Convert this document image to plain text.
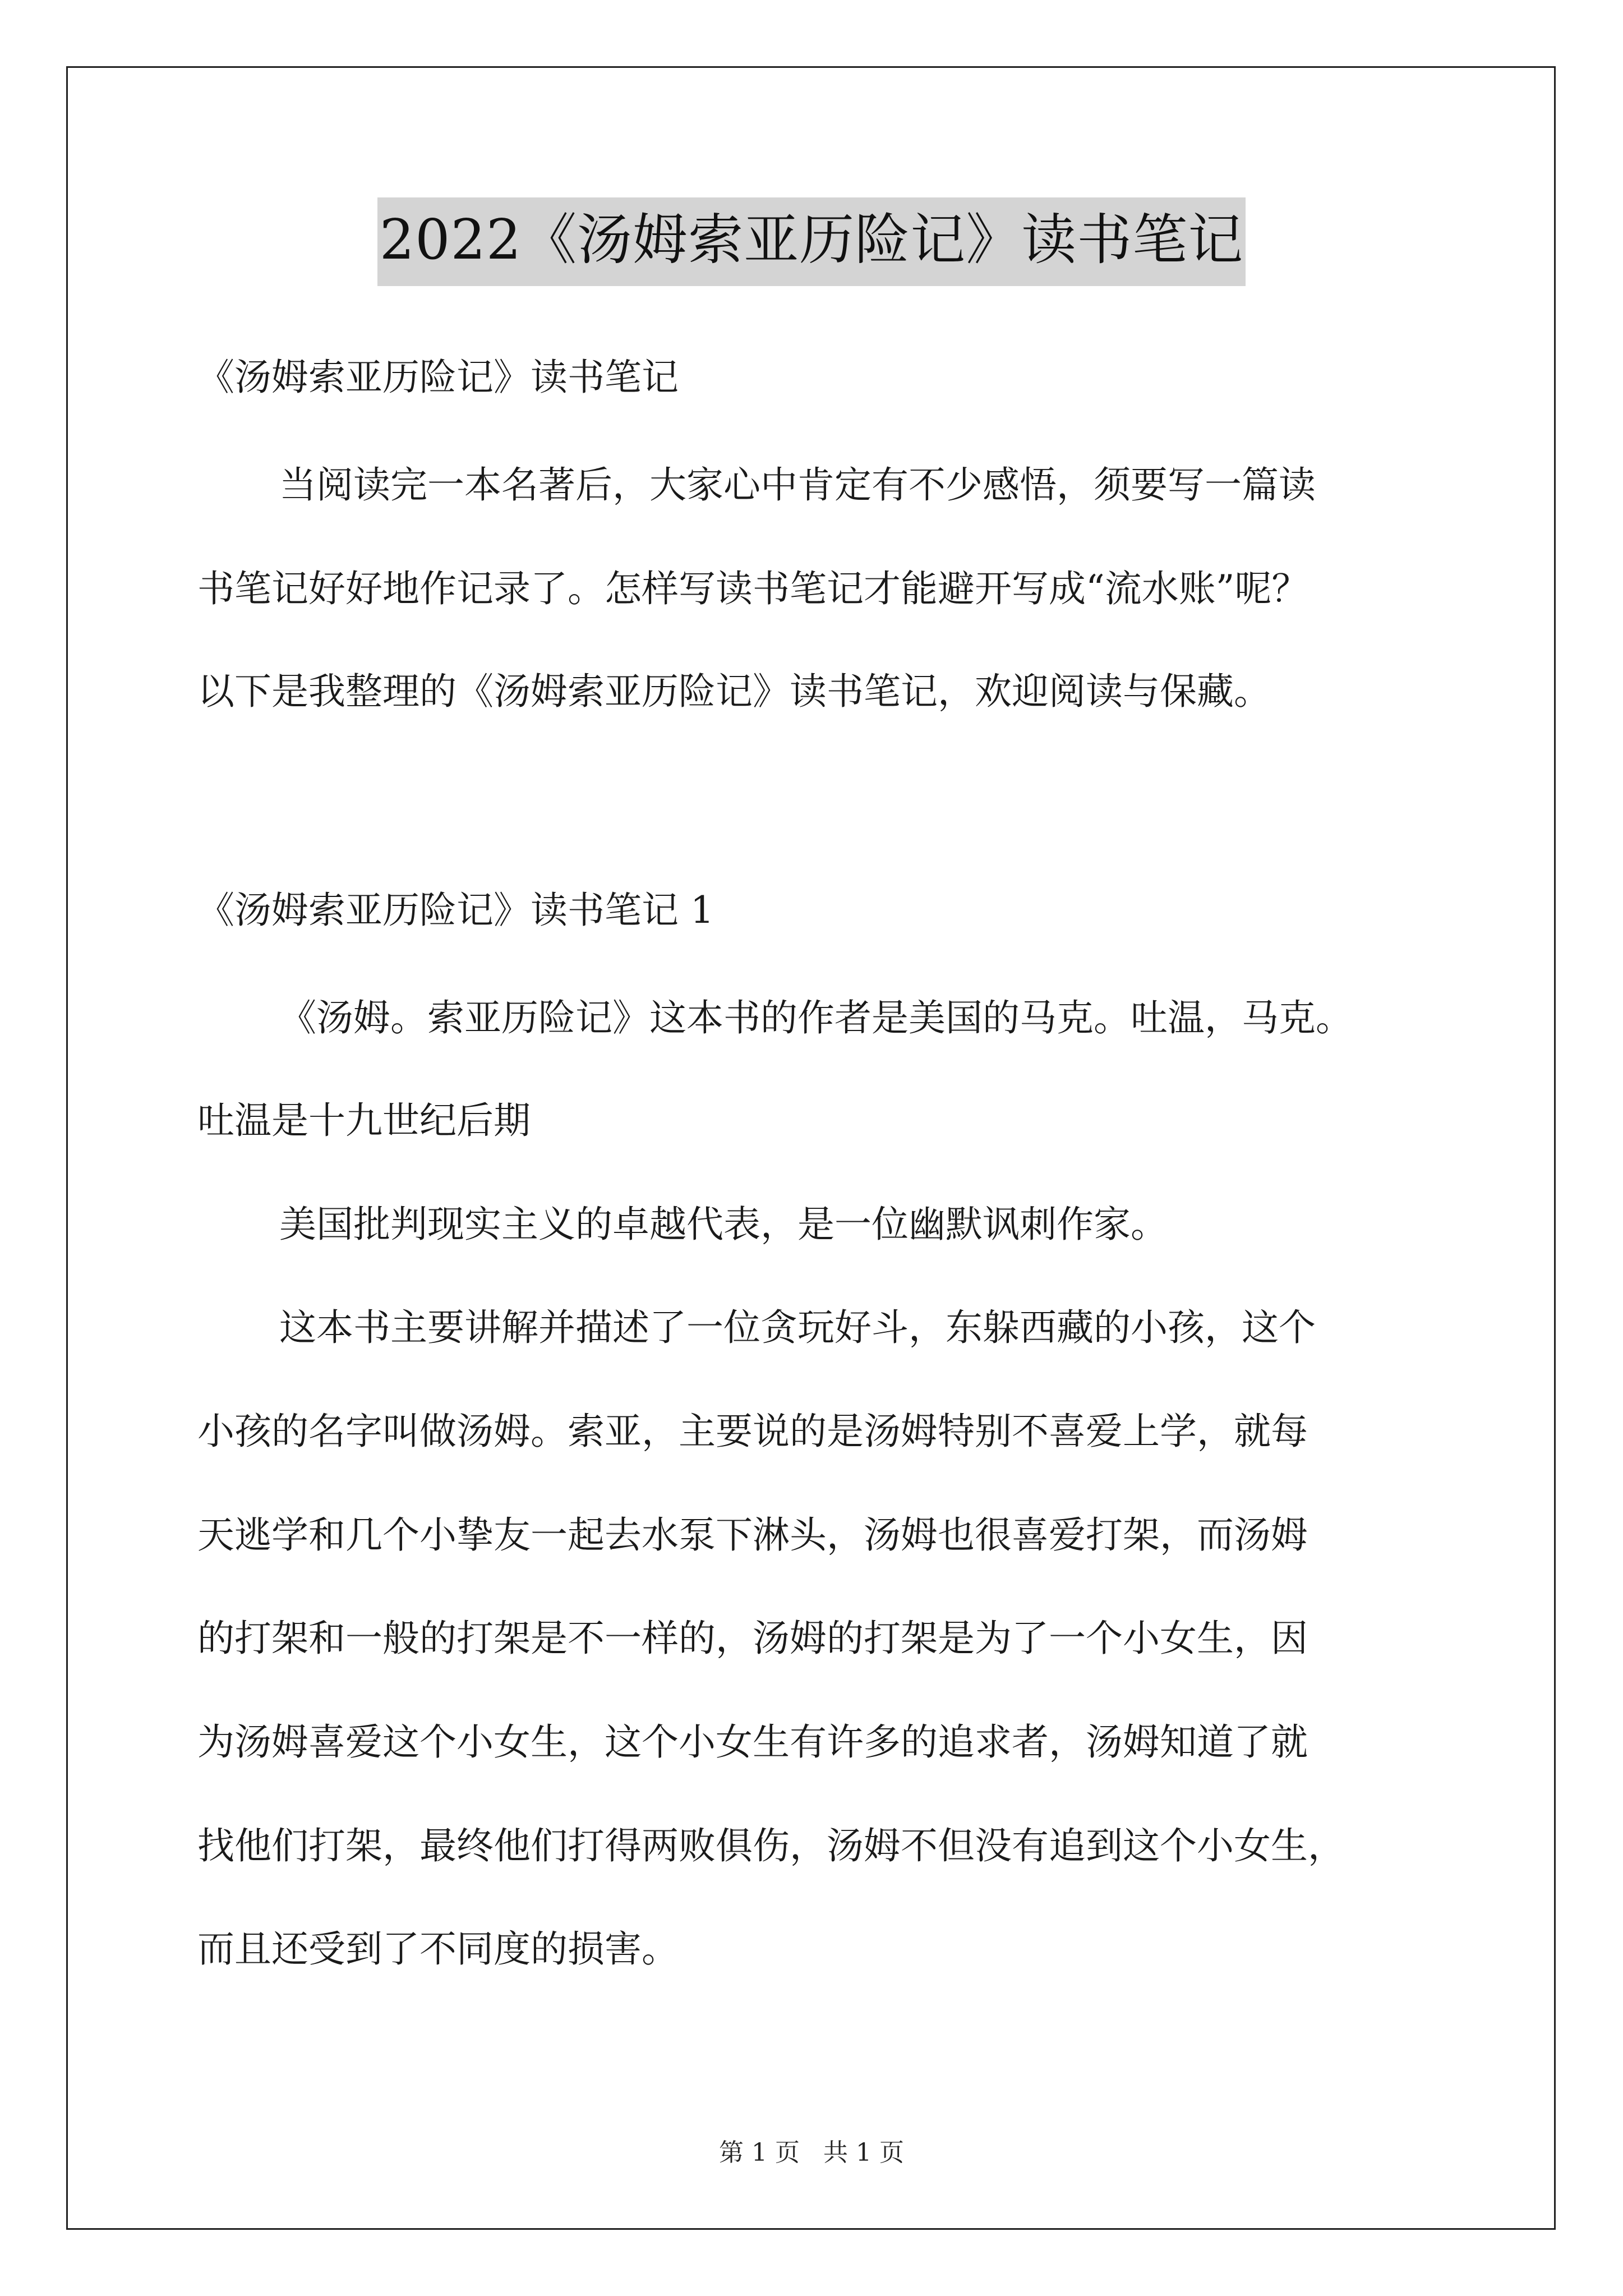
2022《汤姆索亚历险记》读书笔记
《汤姆索亚历险记》读书笔记
当阅读完一本名著后，大家心中肯定有不少感悟，须要写一篇读
书笔记好好地作记录了。怎样写读书笔记才能避开写成“流水账”呢？
以下是我整理的《汤姆索亚历险记》读书笔记，欢迎阅读与保藏。
《汤姆索亚历险记》读书笔记 1
《汤姆。索亚历险记》这本书的作者是美国的马克。吐温，马克。
吐温是十九世纪后期
美国批判现实主义的卓越代表，是一位幽默讽刺作家。
这本书主要讲解并描述了一位贪玩好斗，东躲西藏的小孩，这个
小孩的名字叫做汤姆。索亚，主要说的是汤姆特别不喜爱上学，就每
天逃学和几个小挚友一起去水泵下淋头，汤姆也很喜爱打架，而汤姆
的打架和一般的打架是不一样的，汤姆的打架是为了一个小女生，因
为汤姆喜爱这个小女生，这个小女生有许多的追求者，汤姆知道了就
找他们打架，最终他们打得两败俱伤，汤姆不但没有追到这个小女生，
而且还受到了不同度的损害。
第 1 页 共 1 页
